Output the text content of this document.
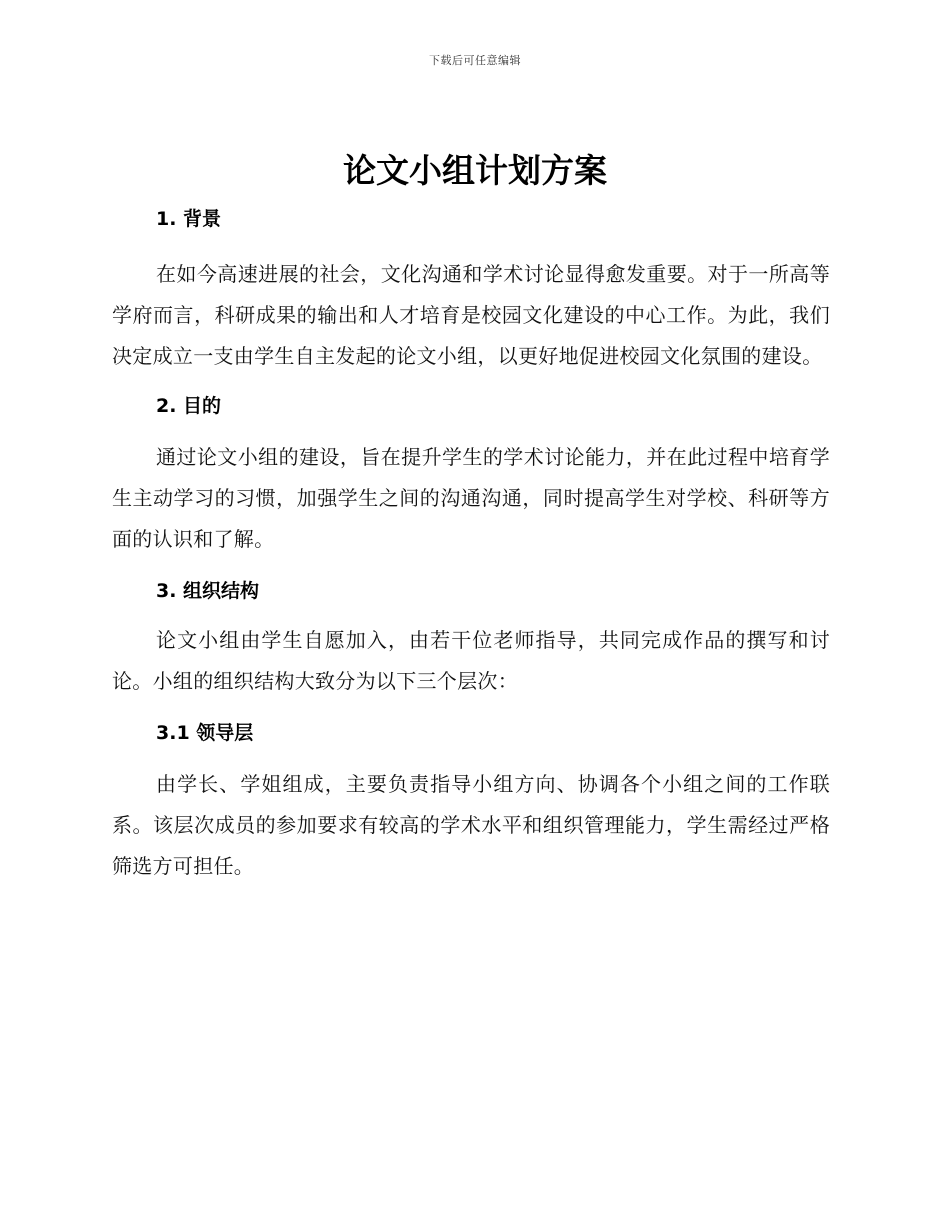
下载后可任意编辑
论文小组计划方案
1. 背景

在如今高速进展的社会，文化沟通和学术讨论显得愈发重要。对于一所高等学府而言，科研成果的输出和人才培育是校园文化建设的中心工作。为此，我们决定成立一支由学生自主发起的论文小组，以更好地促进校园文化氛围的建设。

2. 目的

通过论文小组的建设，旨在提升学生的学术讨论能力，并在此过程中培育学生主动学习的习惯，加强学生之间的沟通沟通，同时提高学生对学校、科研等方面的认识和了解。

3. 组织结构

论文小组由学生自愿加入，由若干位老师指导，共同完成作品的撰写和讨论。小组的组织结构大致分为以下三个层次：

3.1 领导层

由学长、学姐组成，主要负责指导小组方向、协调各个小组之间的工作联系。该层次成员的参加要求有较高的学术水平和组织管理能力，学生需经过严格筛选方可担任。
